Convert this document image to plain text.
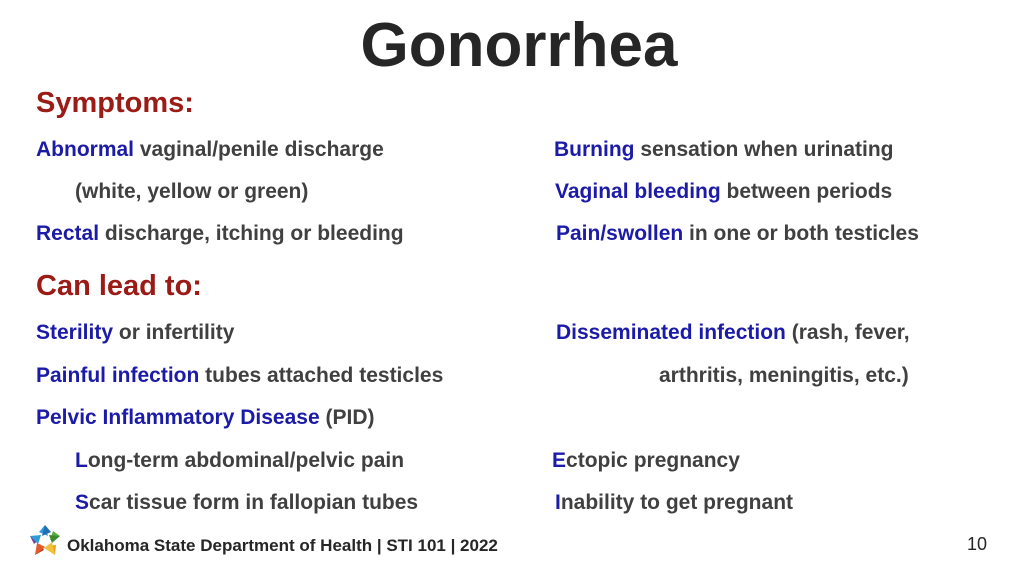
Gonorrhea
Symptoms:
Abnormal vaginal/penile discharge
(white, yellow or green)
Rectal discharge, itching or bleeding
Burning sensation when urinating
Vaginal bleeding between periods
Pain/swollen in one or both testicles
Can lead to:
Sterility or infertility
Painful infection tubes attached testicles
Pelvic Inflammatory Disease (PID)
Long-term abdominal/pelvic pain
Scar tissue form in fallopian tubes
Disseminated infection (rash, fever,
arthritis, meningitis, etc.)
Ectopic pregnancy
Inability to get pregnant
Oklahoma State Department of Health | STI 101 | 2022	10
